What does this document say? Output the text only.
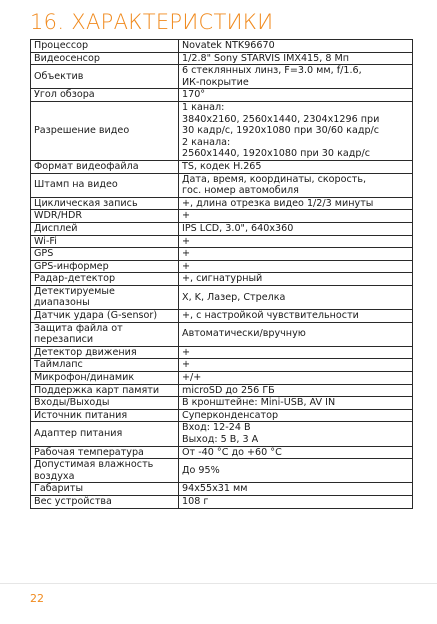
16. ХАРАКТЕРИСТИКИ
Процессор	Novatek NTK96670
Видеосенсор	1/2.8" Sony STARVIS IMX415, 8 Мп
Объектив	6 стеклянных линз, F=3.0 мм, f/1.6,
ИК-покрытие
Угол обзора	170°
Разрешение видео	1 канал:
3840x2160, 2560x1440, 2304x1296 при
30 кадр/с, 1920x1080 при 30/60 кадр/с
2 канала:
2560x1440, 1920x1080 при 30 кадр/с
Формат видеофайла	TS, кодек H.265
Штамп на видео	Дата, время, координаты, скорость,
гос. номер автомобиля
Циклическая запись	+, длина отрезка видео 1/2/3 минуты
WDR/HDR	+
Дисплей	IPS LCD, 3.0", 640x360
Wi-Fi	+
GPS	+
GPS-информер	+
Радар-детектор	+, сигнатурный
Детектируемые
диапазоны	X, K, Лазер, Стрелка
Датчик удара (G-sensor)	+, с настройкой чувствительности
Защита файла от
перезаписи	Автоматически/вручную
Детектор движения	+
Таймлапс	+
Микрофон/динамик	+/+
Поддержка карт памяти	microSD до 256 ГБ
Входы/Выходы	В кронштейне: Mini-USB, AV IN
Источник питания	Суперконденсатор
Адаптер питания	Вход: 12-24 В
Выход: 5 В, 3 А
Рабочая температура	От -40 °С до +60 °С
Допустимая влажность
воздуха	До 95%
Габариты	94x55x31 мм
Вес устройства	108 г
22
